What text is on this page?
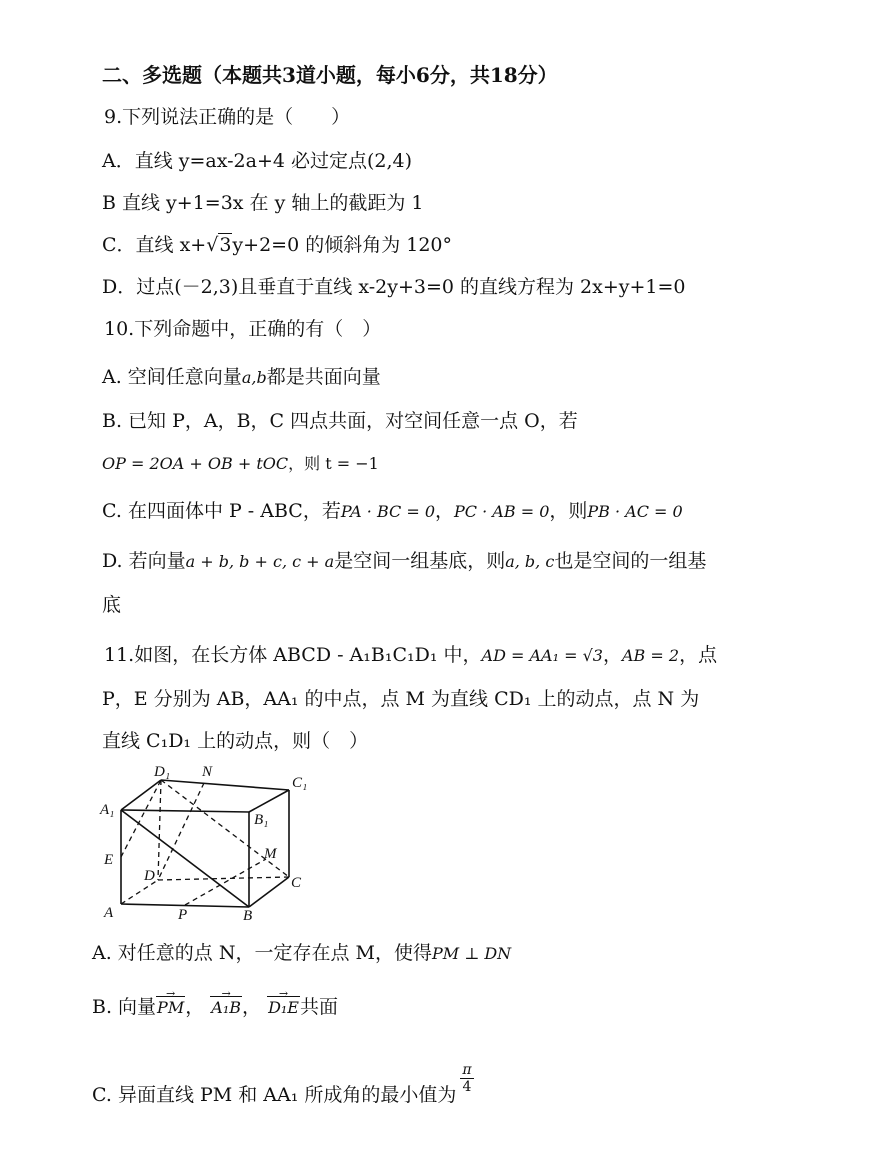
二、多选题（本题共3道小题，每小6分，共18分）
9.下列说法正确的是（　　）
A．直线 y=ax-2a+4 必过定点(2,4)
B 直线 y+1=3x 在 y 轴上的截距为 1
C．直线 x+√3y+2=0 的倾斜角为 120°
D．过点(－2,3)且垂直于直线 x-2y+3=0 的直线方程为 2x+y+1=0
10.下列命题中，正确的有（　）
A. 空间任意向量a,b都是共面向量
B. 已知 P，A，B，C 四点共面，对空间任意一点 O，若
OP = 2OA + OB + tOC，则 t = −1
C. 在四面体中 P - ABC，若PA · BC = 0，PC · AB = 0，则PB · AC = 0
D. 若向量a + b, b + c, c + a是空间一组基底，则a, b, c也是空间的一组基
底
11.如图，在长方体 ABCD - A₁B₁C₁D₁ 中，AD = AA₁ = √3，AB = 2，点
P，E 分别为 AB，AA₁ 的中点，点 M 为直线 CD₁ 上的动点，点 N 为
直线 C₁D₁ 上的动点，则（　）
D₁ N
C₁
A₁
B₁
E	M
D	C
A	P	B
A. 对任意的点 N，一定存在点 M，使得PM ⊥ DN
B. 向量PM →， A₁B →， D₁E →共面
C. 异面直线 PM 和 AA₁ 所成角的最小值为 $\frac{\pi}{4}$
